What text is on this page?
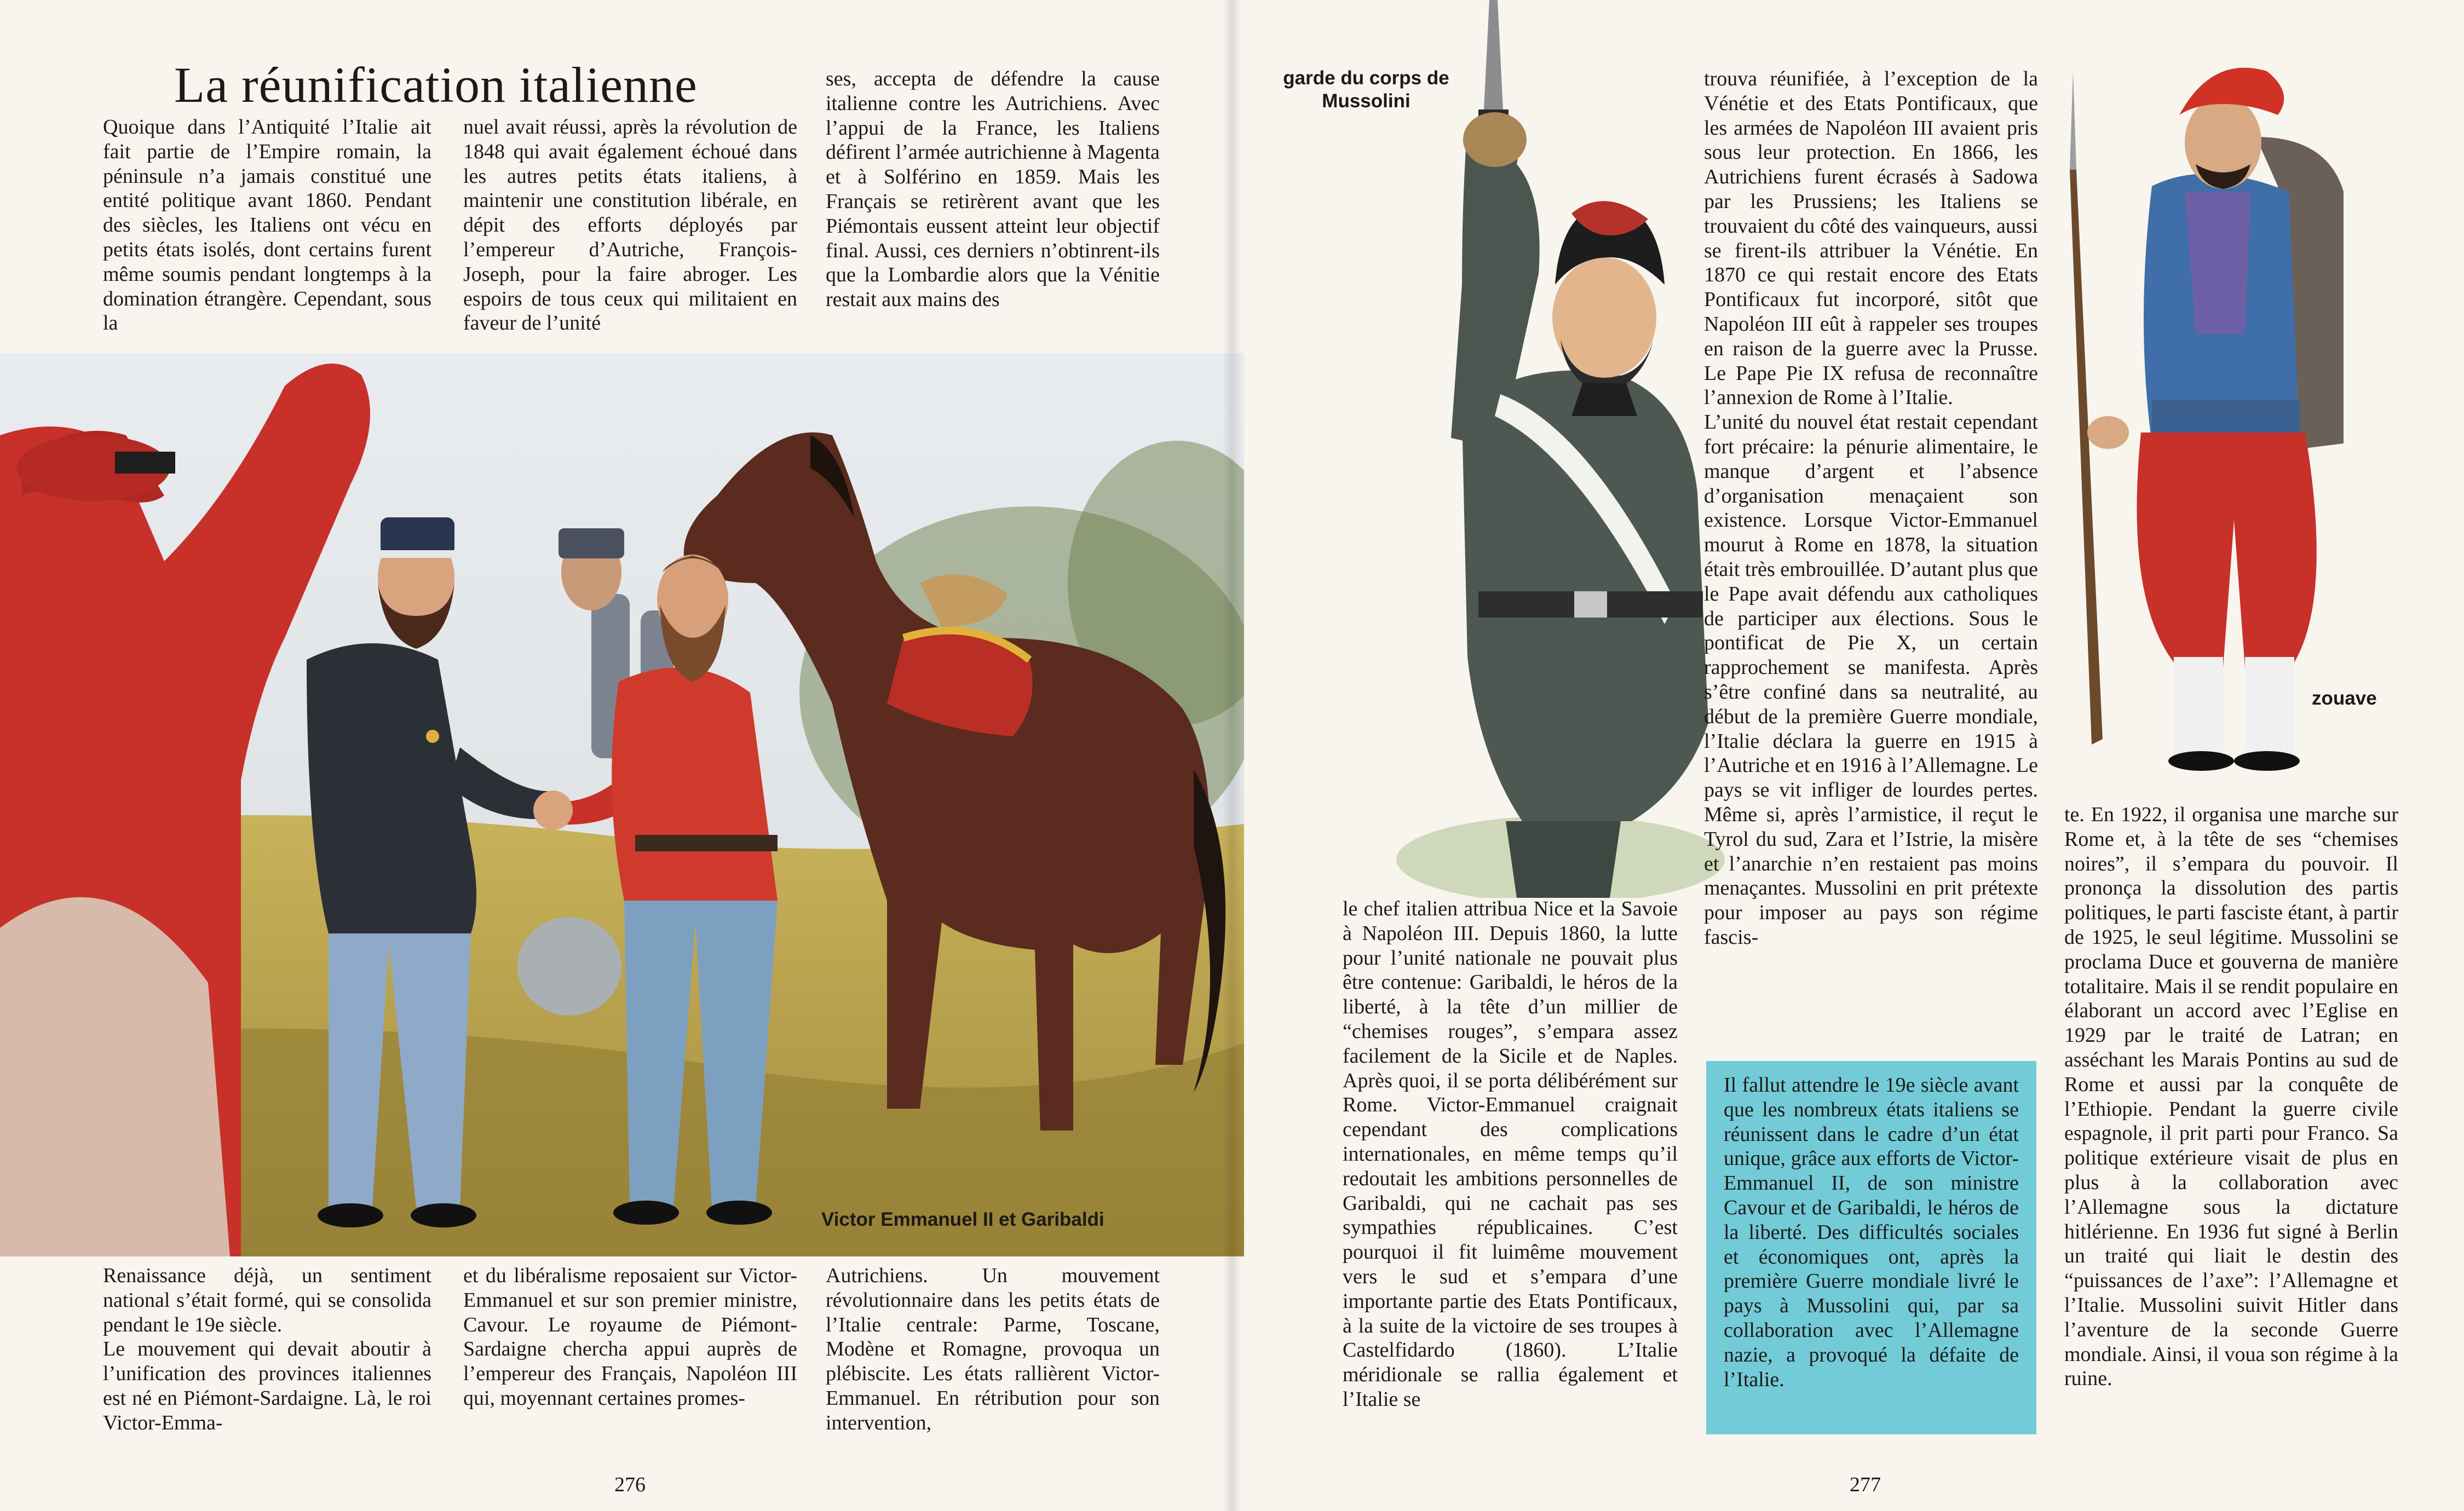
La réunification italienne

Quoique dans l’Antiquité l’Italie ait fait partie de l’Empire romain, la péninsule n’a jamais constitué une entité politique avant 1860. Pendant des siècles, les Italiens ont vécu en petits états isolés, dont certains furent même soumis pendant longtemps à la domination étrangère. Cependant, sous la

nuel avait réussi, après la révolution de 1848 qui avait également échoué dans les autres petits états italiens, à maintenir une constitution libérale, en dépit des efforts déployés par l’empereur d’Autriche, François-Joseph, pour la faire abroger. Les espoirs de tous ceux qui militaient en faveur de l’unité

ses, accepta de défendre la cause italienne contre les Autrichiens. Avec l’appui de la France, les Italiens défirent l’armée autrichienne à Magenta et à Solférino en 1859. Mais les Français se retirèrent avant que les Piémontais eussent atteint leur objectif final. Aussi, ces derniers n’obtinrent-ils que la Lombardie alors que la Vénitie restait aux mains des

Victor Emmanuel II et Garibaldi

Renaissance déjà, un sentiment national s’était formé, qui se consolida pendant le 19e siècle.

Le mouvement qui devait aboutir à l’unification des provinces italiennes est né en Piémont-Sardaigne. Là, le roi Victor-Emma-

et du libéralisme reposaient sur Victor-Emmanuel et sur son premier ministre, Cavour. Le royaume de Piémont-Sardaigne chercha appui auprès de l’empereur des Français, Napoléon III qui, moyennant certaines promes-

Autrichiens. Un mouvement révolutionnaire dans les petits états de l’Italie centrale: Parme, Toscane, Modène et Romagne, provoqua un plébiscite. Les états rallièrent Victor-Emmanuel. En rétribution pour son intervention,

276
garde du corps de Mussolini
zouave

le chef italien attribua Nice et la Savoie à Napoléon III. Depuis 1860, la lutte pour l’unité nationale ne pouvait plus être contenue: Garibaldi, le héros de la liberté, à la tête d’un millier de “chemises rouges”, s’empara assez facilement de la Sicile et de Naples. Après quoi, il se porta délibérément sur Rome. Victor-Emmanuel craignait cependant des complications internationales, en même temps qu’il redoutait les ambitions personnelles de Garibaldi, qui ne cachait pas ses sympathies républicaines. C’est pourquoi il fit luimême mouvement vers le sud et s’empara d’une importante partie des Etats Pontificaux, à la suite de la victoire de ses troupes à Castelfidardo (1860). L’Italie méridionale se rallia également et l’Italie se

trouva réunifiée, à l’exception de la Vénétie et des Etats Pontificaux, que les armées de Napoléon III avaient pris sous leur protection. En 1866, les Autrichiens furent écrasés à Sadowa par les Prussiens; les Italiens se trouvaient du côté des vainqueurs, aussi se firent-ils attribuer la Vénétie. En 1870 ce qui restait encore des Etats Pontificaux fut incorporé, sitôt que Napoléon III eût à rappeler ses troupes en raison de la guerre avec la Prusse. Le Pape Pie IX refusa de reconnaître l’annexion de Rome à l’Italie.

L’unité du nouvel état restait cependant fort précaire: la pénurie alimentaire, le manque d’argent et l’absence d’organisation menaçaient son existence. Lorsque Victor-Emmanuel mourut à Rome en 1878, la situation était très embrouillée. D’autant plus que le Pape avait défendu aux catholiques de participer aux élections. Sous le pontificat de Pie X, un certain rapprochement se manifesta. Après s’être confiné dans sa neutralité, au début de la première Guerre mondiale, l’Italie déclara la guerre en 1915 à l’Autriche et en 1916 à l’Allemagne. Le pays se vit infliger de lourdes pertes. Même si, après l’armistice, il reçut le Tyrol du sud, Zara et l’Istrie, la misère et l’anarchie n’en restaient pas moins menaçantes. Mussolini en prit prétexte pour imposer au pays son régime fascis-

Il fallut attendre le 19e siècle avant que les nombreux états italiens se réunissent dans le cadre d’un état unique, grâce aux efforts de Victor-Emmanuel II, de son ministre Cavour et de Garibaldi, le héros de la liberté. Des difficultés sociales et économiques ont, après la première Guerre mondiale livré le pays à Mussolini qui, par sa collaboration avec l’Allemagne nazie, a provoqué la défaite de l’Italie.

te. En 1922, il organisa une marche sur Rome et, à la tête de ses “chemises noires”, il s’empara du pouvoir. Il prononça la dissolution des partis politiques, le parti fasciste étant, à partir de 1925, le seul légitime. Mussolini se proclama Duce et gouverna de manière totalitaire. Mais il se rendit populaire en élaborant un accord avec l’Eglise en 1929 par le traité de Latran; en asséchant les Marais Pontins au sud de Rome et aussi par la conquête de l’Ethiopie. Pendant la guerre civile espagnole, il prit parti pour Franco. Sa politique extérieure visait de plus en plus à la collaboration avec l’Allemagne sous la dictature hitlérienne. En 1936 fut signé à Berlin un traité qui liait le destin des “puissances de l’axe”: l’Allemagne et l’Italie. Mussolini suivit Hitler dans l’aventure de la seconde Guerre mondiale. Ainsi, il voua son régime à la ruine.

277
